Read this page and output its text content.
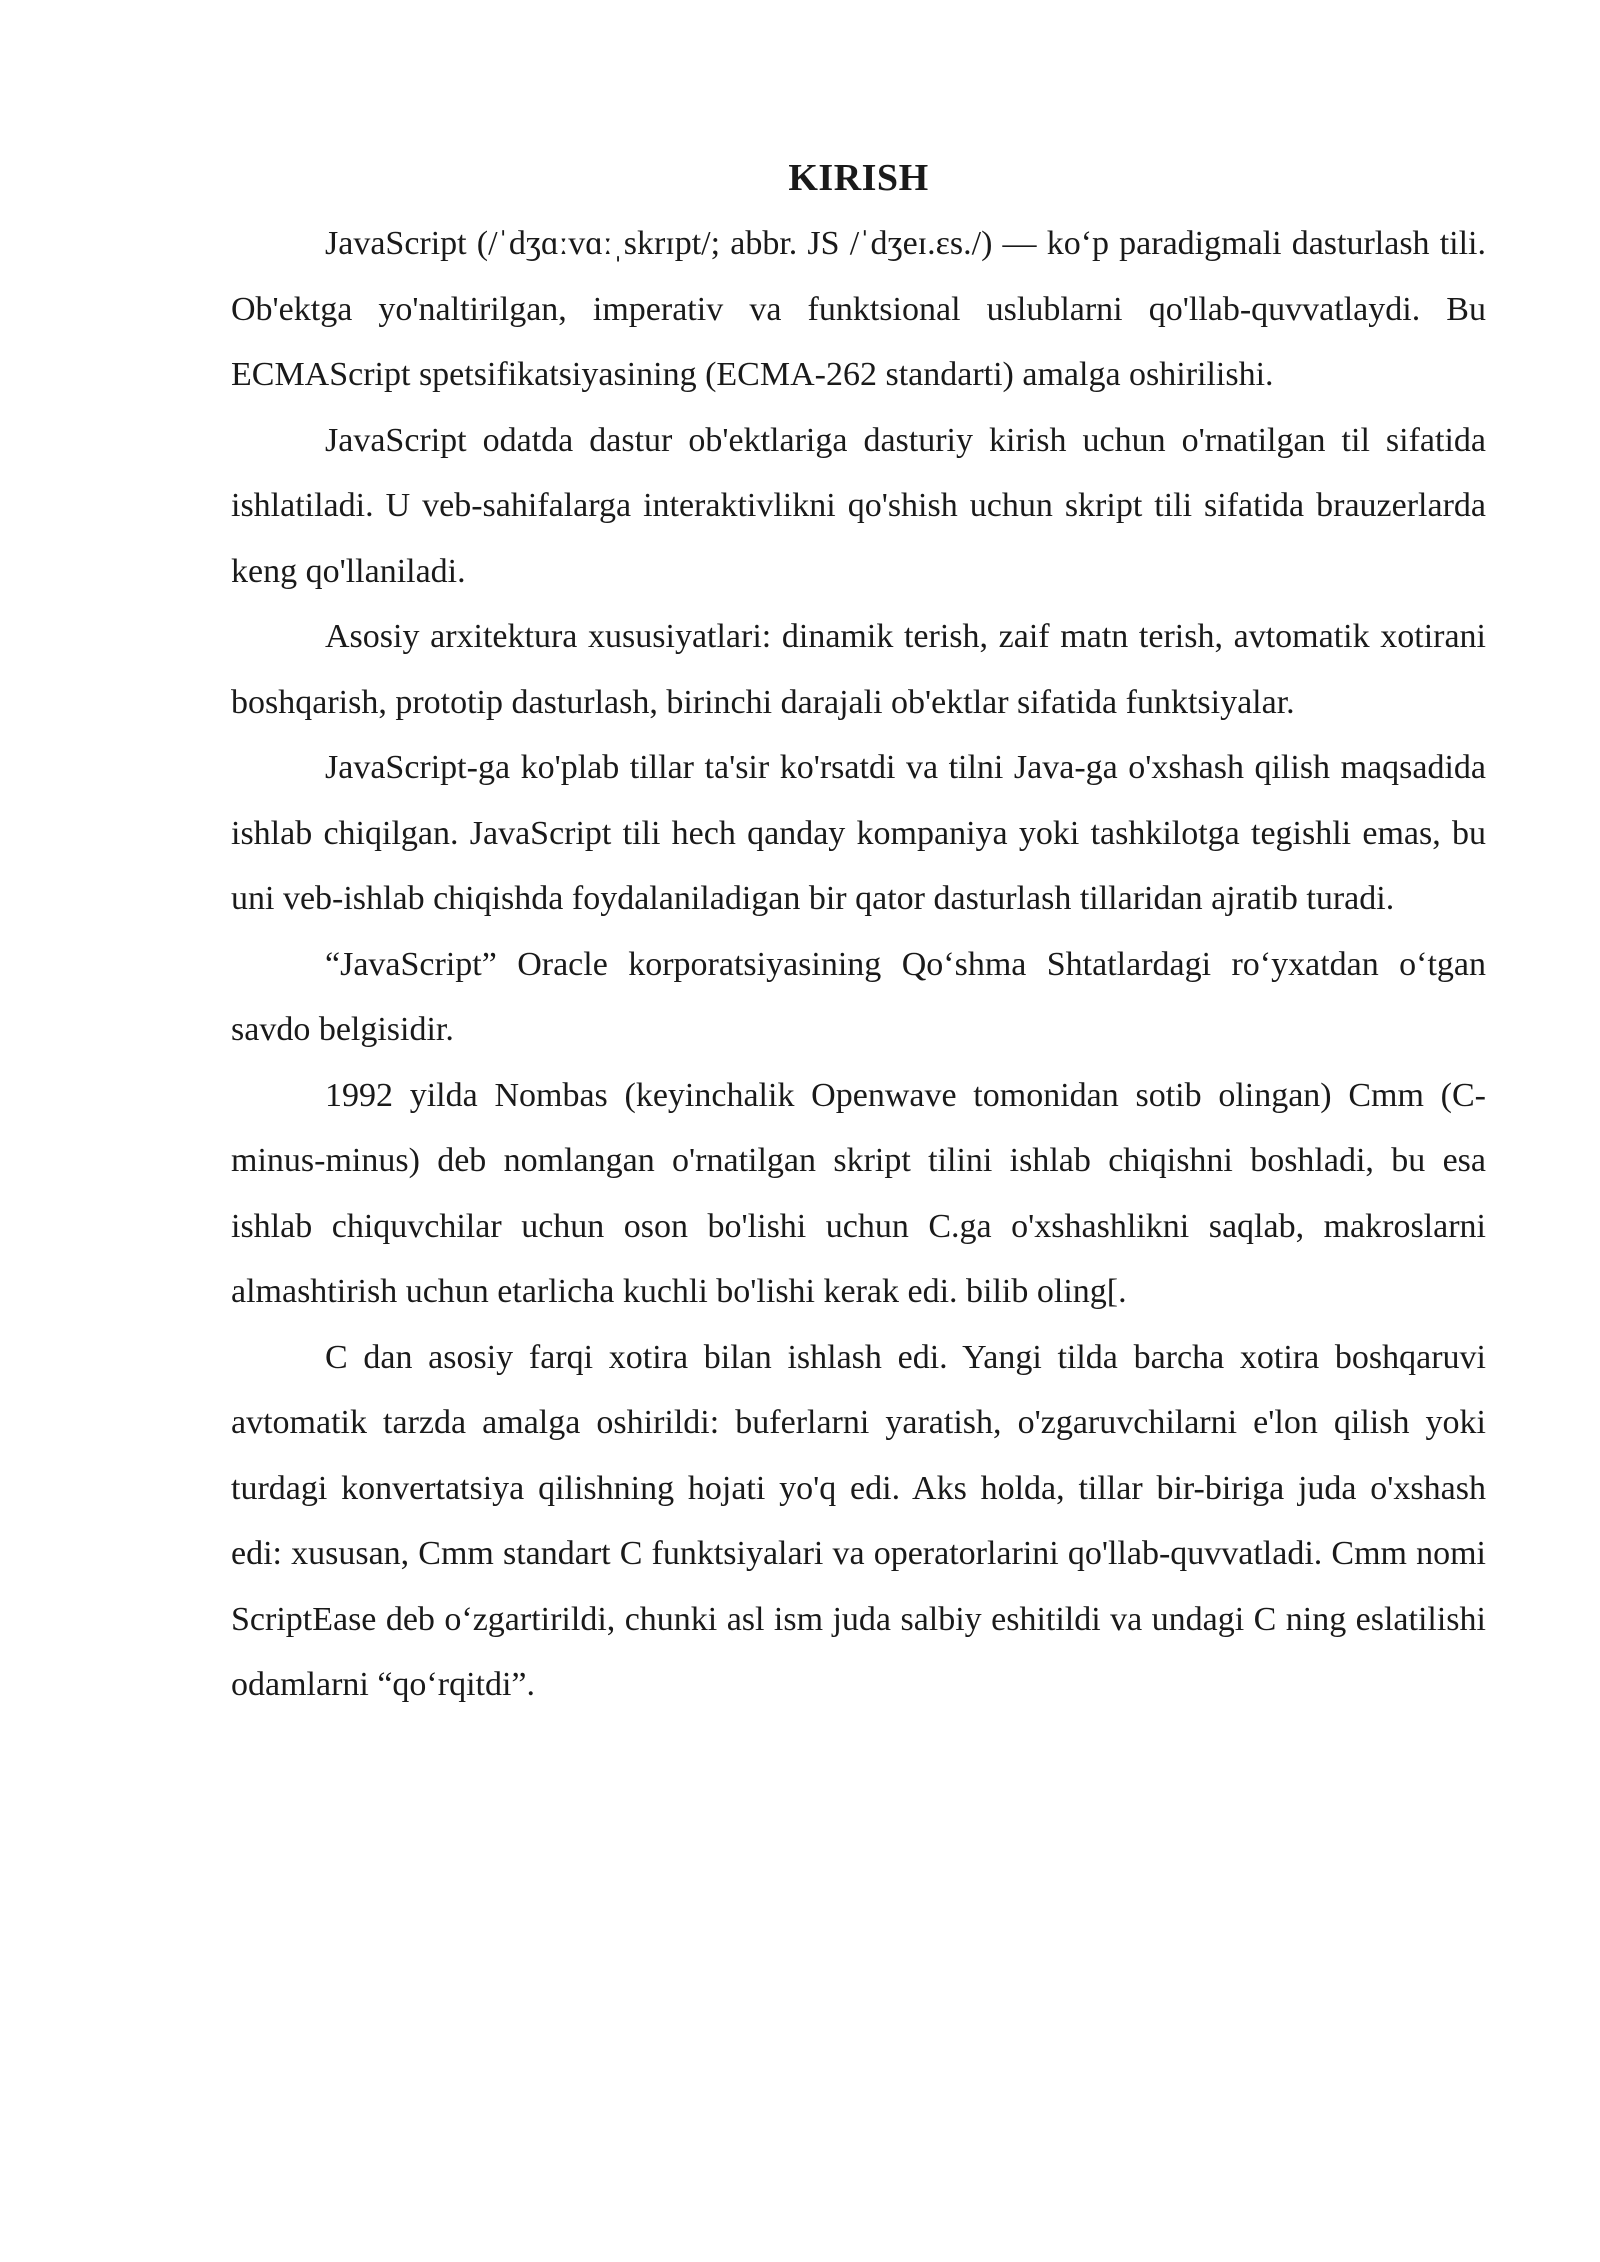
KIRISH

JavaScript (/ˈdʒɑːvɑːˌskrɪpt/; abbr. JS /ˈdʒeɪ.ɛs./) — ko‘p paradigmali dasturlash tili. Ob'ektga yo'naltirilgan, imperativ va funktsional uslublarni qo'llab-quvvatlaydi. Bu ECMAScript spetsifikatsiyasining (ECMA-262 standarti) amalga oshirilishi.

JavaScript odatda dastur ob'ektlariga dasturiy kirish uchun o'rnatilgan til sifatida ishlatiladi. U veb-sahifalarga interaktivlikni qo'shish uchun skript tili sifatida brauzerlarda keng qo'llaniladi.

Asosiy arxitektura xususiyatlari: dinamik terish, zaif matn terish, avtomatik xotirani boshqarish, prototip dasturlash, birinchi darajali ob'ektlar sifatida funktsiyalar.

JavaScript-ga ko'plab tillar ta'sir ko'rsatdi va tilni Java-ga o'xshash qilish maqsadida ishlab chiqilgan. JavaScript tili hech qanday kompaniya yoki tashkilotga tegishli emas, bu uni veb-ishlab chiqishda foydalaniladigan bir qator dasturlash tillaridan ajratib turadi.

“JavaScript” Oracle korporatsiyasining Qo‘shma Shtatlardagi ro‘yxatdan o‘tgan savdo belgisidir.

1992 yilda Nombas (keyinchalik Openwave tomonidan sotib olingan) Cmm (C-minus-minus) deb nomlangan o'rnatilgan skript tilini ishlab chiqishni boshladi, bu esa ishlab chiquvchilar uchun oson bo'lishi uchun C.ga o'xshashlikni saqlab, makroslarni almashtirish uchun etarlicha kuchli bo'lishi kerak edi. bilib oling[.

C dan asosiy farqi xotira bilan ishlash edi. Yangi tilda barcha xotira boshqaruvi avtomatik tarzda amalga oshirildi: buferlarni yaratish, o'zgaruvchilarni e'lon qilish yoki turdagi konvertatsiya qilishning hojati yo'q edi. Aks holda, tillar bir-biriga juda o'xshash edi: xususan, Cmm standart C funktsiyalari va operatorlarini qo'llab-quvvatladi. Cmm nomi ScriptEase deb o‘zgartirildi, chunki asl ism juda salbiy eshitildi va undagi C ning eslatilishi odamlarni “qo‘rqitdi”.
